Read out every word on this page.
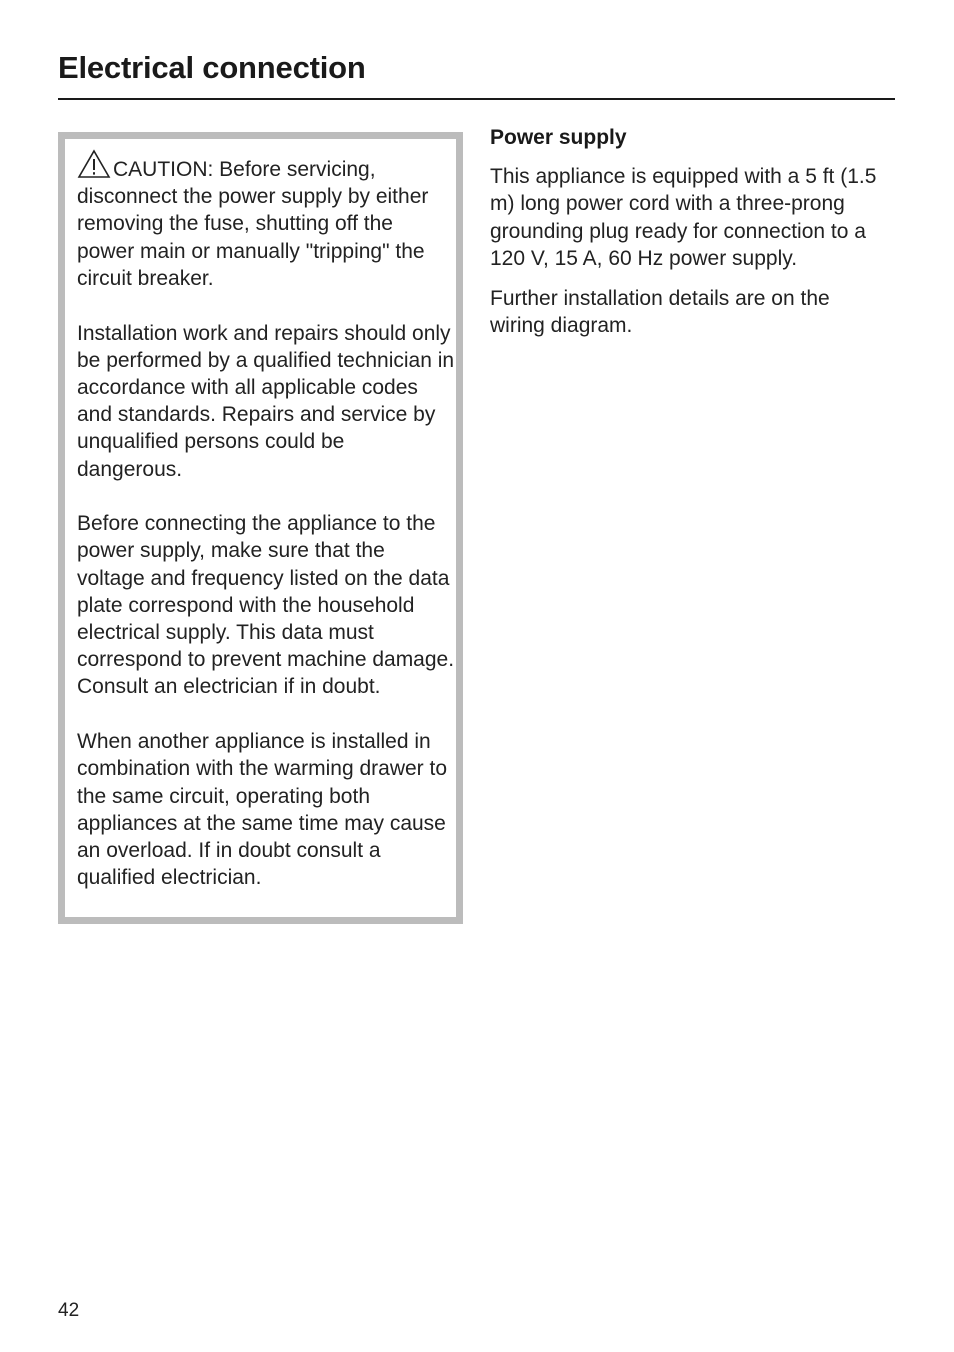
Electrical connection

CAUTION: Before servicing, disconnect the power supply by either removing the fuse, shutting off the power main or manually "tripping" the circuit breaker.

Installation work and repairs should only be performed by a qualified technician in accordance with all applicable codes and standards. Repairs and service by unqualified persons could be dangerous.

Before connecting the appliance to the power supply, make sure that the voltage and frequency listed on the data plate correspond with the household electrical supply. This data must correspond to prevent machine damage. Consult an electrician if in doubt.

When another appliance is installed in combination with the warming drawer to the same circuit, operating both appliances at the same time may cause an overload. If in doubt consult a qualified electrician.

Power supply

This appliance is equipped with a 5 ft (1.5 m) long power cord with a three-prong grounding plug ready for connection to a 120 V, 15 A, 60 Hz power supply.

Further installation details are on the wiring diagram.

42
